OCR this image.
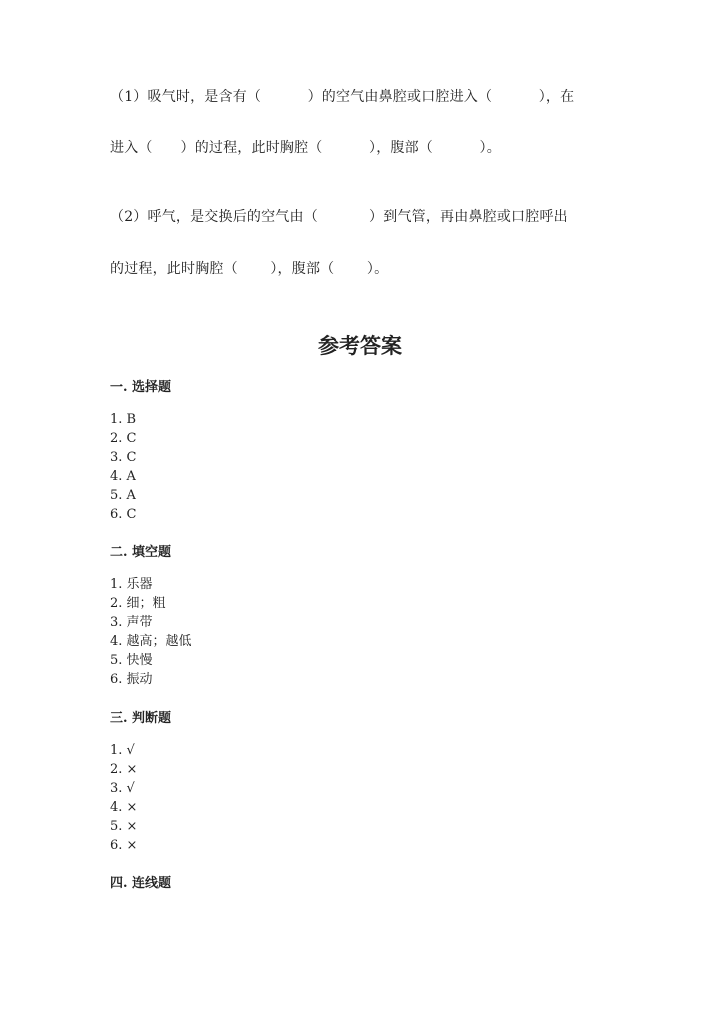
（1）吸气时，是含有（          ）的空气由鼻腔或口腔进入（          ），在
进入（      ）的过程，此时胸腔（          ），腹部（          ）。
（2）呼气，是交换后的空气由（           ）到气管，再由鼻腔或口腔呼出
的过程，此时胸腔（       ），腹部（       ）。
参考答案
一. 选择题
1. B
2. C
3. C
4. A
5. A
6. C
二. 填空题
1. 乐器
2. 细；粗
3. 声带
4. 越高；越低
5. 快慢
6. 振动
三. 判断题
1. √
2. ×
3. √
4. ×
5. ×
6. ×
四. 连线题
